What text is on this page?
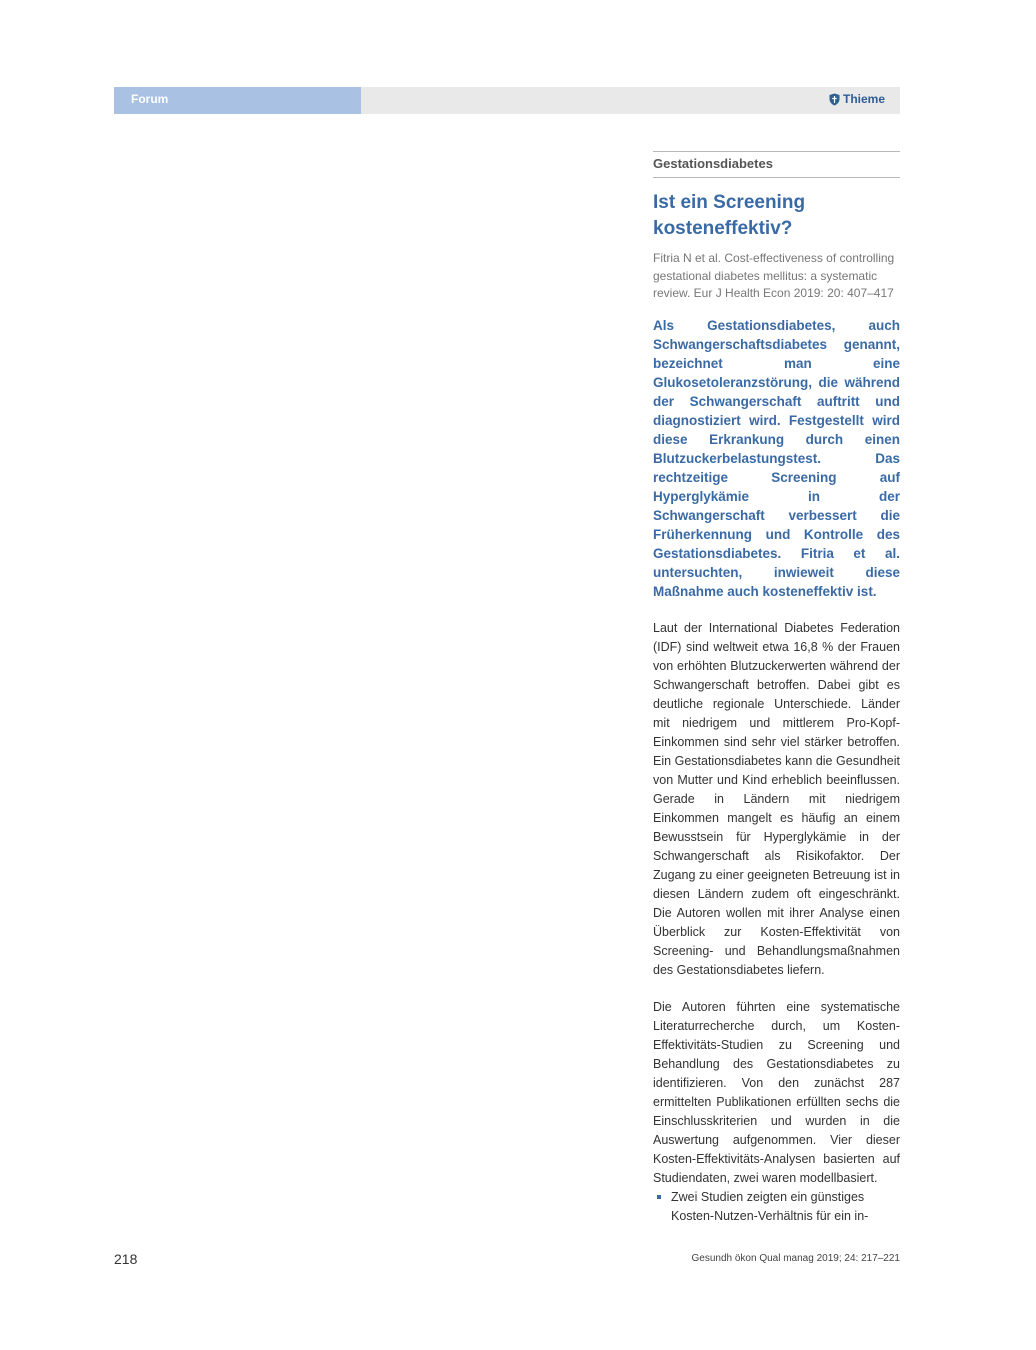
Forum	Thieme
Gestationsdiabetes
Ist ein Screening kosteneffektiv?

Fitria N et al. Cost-effectiveness of controlling gestational diabetes mellitus: a systematic review. Eur J Health Econ 2019: 20: 407–417

Als Gestationsdiabetes, auch Schwangerschaftsdiabetes genannt, bezeichnet man eine Glukosetoleranzstörung, die während der Schwangerschaft auftritt und diagnostiziert wird. Festgestellt wird diese Erkrankung durch einen Blutzuckerbelastungstest. Das rechtzeitige Screening auf Hyperglykämie in der Schwangerschaft verbessert die Früherkennung und Kontrolle des Gestationsdiabetes. Fitria et al. untersuchten, inwieweit diese Maßnahme auch kosteneffektiv ist.

Laut der International Diabetes Federation (IDF) sind weltweit etwa 16,8 % der Frauen von erhöhten Blutzuckerwerten während der Schwangerschaft betroffen. Dabei gibt es deutliche regionale Unterschiede. Länder mit niedrigem und mittlerem Pro-Kopf-Einkommen sind sehr viel stärker betroffen. Ein Gestationsdiabetes kann die Gesundheit von Mutter und Kind erheblich beeinflussen. Gerade in Ländern mit niedrigem Einkommen mangelt es häufig an einem Bewusstsein für Hyperglykämie in der Schwangerschaft als Risikofaktor. Der Zugang zu einer geeigneten Betreuung ist in diesen Ländern zudem oft eingeschränkt. Die Autoren wollen mit ihrer Analyse einen Überblick zur Kosten-Effektivität von Screening- und Behandlungsmaßnahmen des Gestationsdiabetes liefern.

Die Autoren führten eine systematische Literaturrecherche durch, um Kosten-Effektivitäts-Studien zu Screening und Behandlung des Gestationsdiabetes zu identifizieren. Von den zunächst 287 ermittelten Publikationen erfüllten sechs die Einschlusskriterien und wurden in die Auswertung aufgenommen. Vier dieser Kosten-Effektivitäts-Analysen basierten auf Studiendaten, zwei waren modellbasiert.

Zwei Studien zeigten ein günstiges Kosten-Nutzen-Verhältnis für ein in-
218	Gesundh ökon Qual manag 2019; 24: 217–221
